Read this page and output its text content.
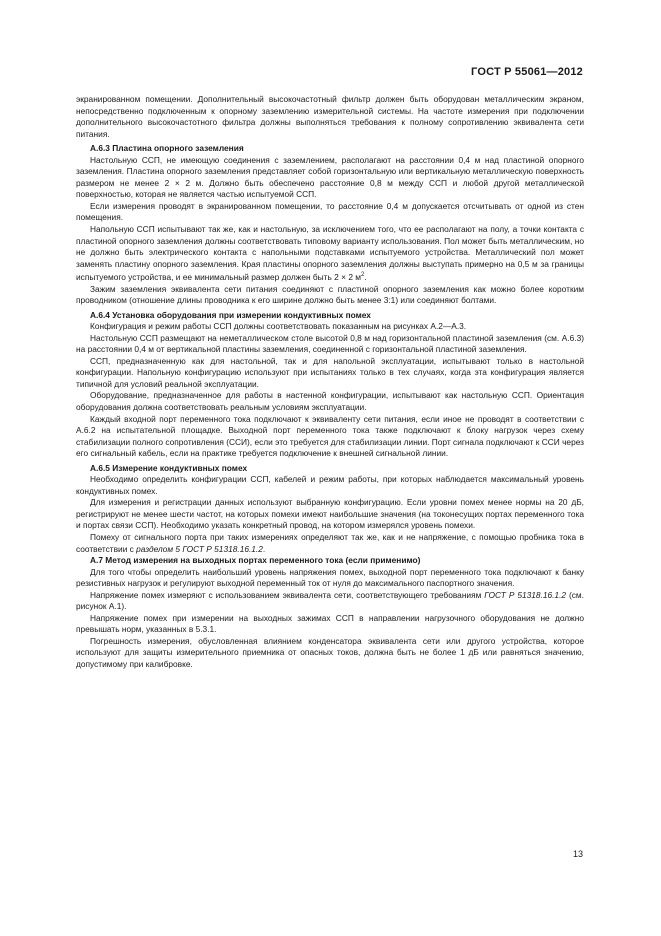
ГОСТ Р 55061—2012

экранированном помещении. Дополнительный высокочастотный фильтр должен быть оборудован металлическим экраном, непосредственно подключенным к опорному заземлению измерительной системы. На частоте измерения при подключении дополнительного высокочастотного фильтра должны выполняться требования к полному сопротивлению эквивалента сети питания.

А.6.3 Пластина опорного заземления

Настольную ССП, не имеющую соединения с заземлением, располагают на расстоянии 0,4 м над пластиной опорного заземления. Пластина опорного заземления представляет собой горизонтальную или вертикальную металлическую поверхность размером не менее 2 × 2 м. Должно быть обеспечено расстояние 0,8 м между ССП и любой другой металлической поверхностью, которая не является частью испытуемой ССП.

Если измерения проводят в экранированном помещении, то расстояние 0,4 м допускается отсчитывать от одной из стен помещения.

Напольную ССП испытывают так же, как и настольную, за исключением того, что ее располагают на полу, а точки контакта с пластиной опорного заземления должны соответствовать типовому варианту использования. Пол может быть металлическим, но не должно быть электрического контакта с напольными подставками испытуемого устройства. Металлический пол может заменять пластину опорного заземления. Края пластины опорного заземления должны выступать примерно на 0,5 м за границы испытуемого устройства, и ее минимальный размер должен быть 2 × 2 $м^2$.

Зажим заземления эквивалента сети питания соединяют с пластиной опорного заземления как можно более коротким проводником (отношение длины проводника к его ширине должно быть менее 3:1) или соединяют болтами.

А.6.4 Установка оборудования при измерении кондуктивных помех

Конфигурация и режим работы ССП должны соответствовать показанным на рисунках А.2—А.3.

Настольную ССП размещают на неметаллическом столе высотой 0,8 м над горизонтальной пластиной заземления (см. А.6.3) на расстоянии 0,4 м от вертикальной пластины заземления, соединенной с горизонтальной пластиной заземления.

ССП, предназначенную как для настольной, так и для напольной эксплуатации, испытывают только в настольной конфигурации. Напольную конфигурацию используют при испытаниях только в тех случаях, когда эта конфигурация является типичной для условий реальной эксплуатации.

Оборудование, предназначенное для работы в настенной конфигурации, испытывают как настольную ССП. Ориентация оборудования должна соответствовать реальным условиям эксплуатации.

Каждый входной порт переменного тока подключают к эквиваленту сети питания, если иное не проводят в соответствии с А.6.2 на испытательной площадке. Выходной порт переменного тока также подключают к блоку нагрузок через схему стабилизации полного сопротивления (ССИ), если это требуется для стабилизации линии. Порт сигнала подключают к ССИ через его сигнальный кабель, если на практике требуется подключение к внешней сигнальной линии.

А.6.5 Измерение кондуктивных помех

Необходимо определить конфигурации ССП, кабелей и режим работы, при которых наблюдается максимальный уровень кондуктивных помех.

Для измерения и регистрации данных используют выбранную конфигурацию. Если уровни помех менее нормы на 20 дБ, регистрируют не менее шести частот, на которых помехи имеют наибольшие значения (на токонесущих портах переменного тока и портах связи ССП). Необходимо указать конкретный провод, на котором измерялся уровень помехи.

Помеху от сигнального порта при таких измерениях определяют так же, как и не напряжение, с помощью пробника тока в соответствии с разделом 5 ГОСТ Р 51318.16.1.2.

А.7 Метод измерения на выходных портах переменного тока (если применимо)

Для того чтобы определить наибольший уровень напряжения помех, выходной порт переменного тока подключают к банку резистивных нагрузок и регулируют выходной переменный ток от нуля до максимального паспортного значения.

Напряжение помех измеряют с использованием эквивалента сети, соответствующего требованиям ГОСТ Р 51318.16.1.2 (см. рисунок А.1).

Напряжение помех при измерении на выходных зажимах ССП в направлении нагрузочного оборудования не должно превышать норм, указанных в 5.3.1.

Погрешность измерения, обусловленная влиянием конденсатора эквивалента сети или другого устройства, которое используют для защиты измерительного приемника от опасных токов, должна быть не более 1 дБ или равняться значению, допустимому при калибровке.

13
